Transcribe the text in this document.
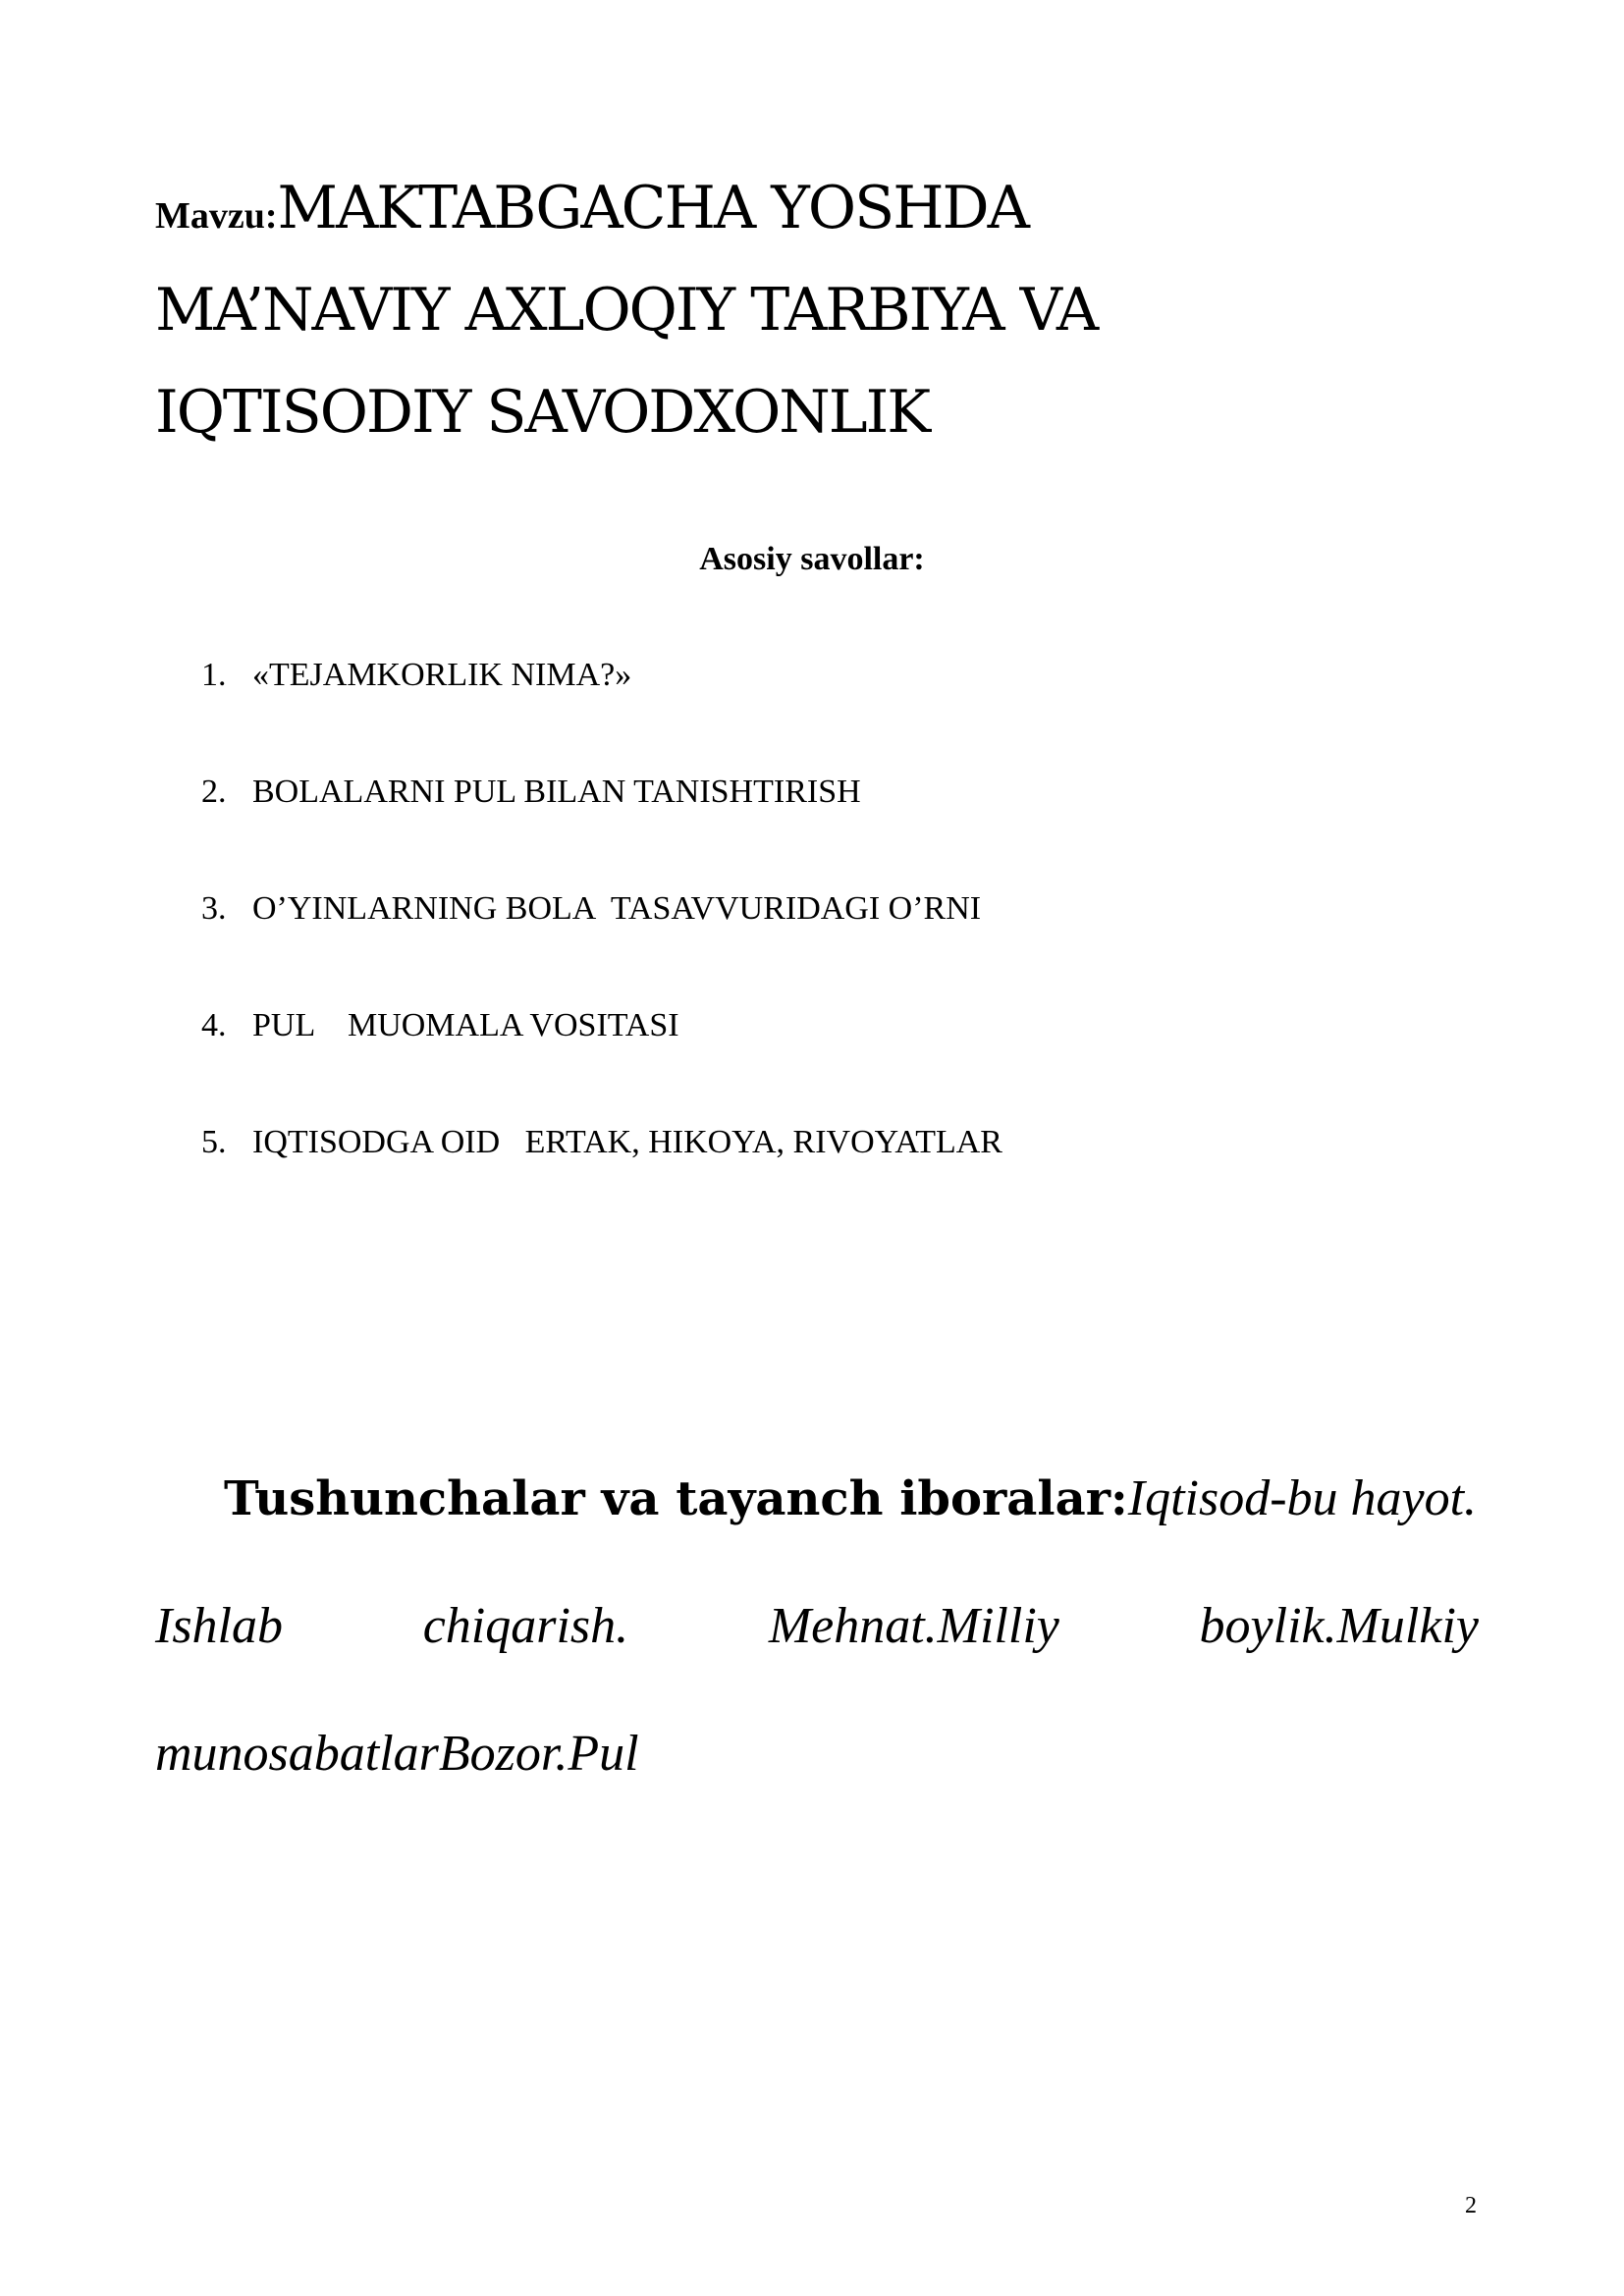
Mavzu:MAKTABGACHA YOSHDA
MA’NAVIY AXLOQIY TARBIYA VA
IQTISODIY SAVODXONLIK

Asosiy savollar:

1. «TEJAMKORLIK NIMA?»
2. BOLALARNI PUL BILAN TANISHTIRISH
3. O’YINLARNING BOLA  TASAVVURIDAGI O’RNI
4. PUL    MUOMALA VOSITASI
5. IQTISODGA OID   ERTAK, HIKOYA, RIVOYATLAR
Tushunchalar va tayanch iboralar:Iqtisod-bu hayot.
Ishlab	chiqarish.	Mehnat.Milliy	boylik.Mulkiy
munosabatlarBozor.Pul
2
